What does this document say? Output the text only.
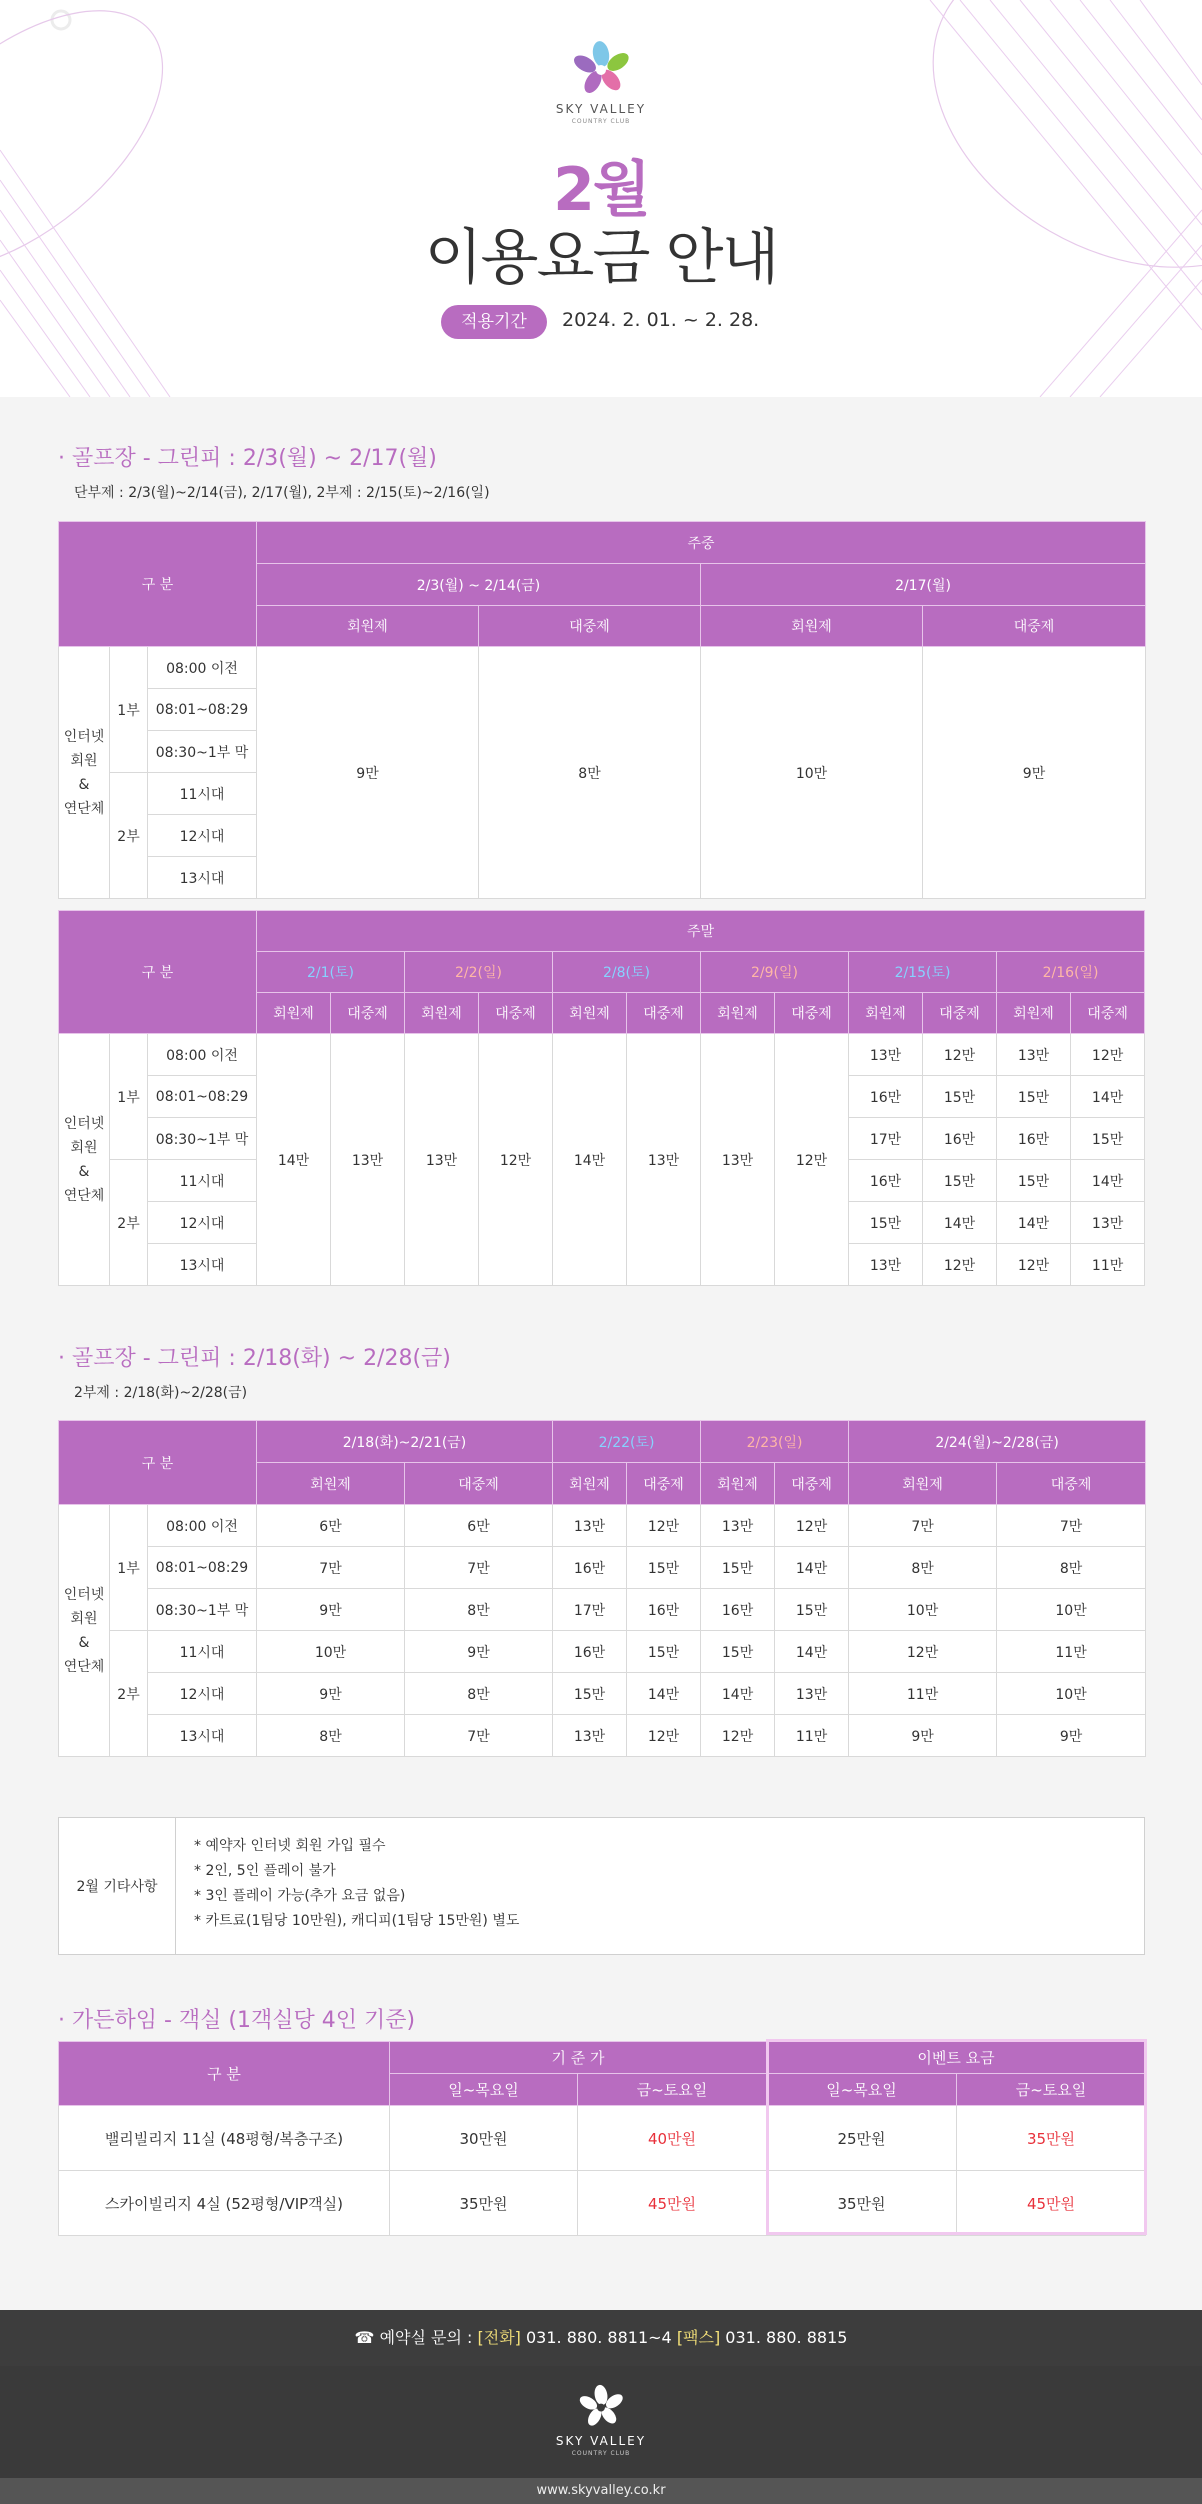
SKY VALLEY
COUNTRY CLUB
2월
이용요금 안내
적용기간	2024. 2. 01. ~ 2. 28.
· 골프장 - 그린피 : 2/3(월) ~ 2/17(월)
단부제 : 2/3(월)~2/14(금), 2/17(월), 2부제 : 2/15(토)~2/16(일)
구 분			주중			
			2/3(월) ~ 2/14(금)		2/17(월)	
			회원제	대중제	회원제	대중제
인터넷
회원
&
연단체	1부	08:00 이전	9만	8만	10만	9만
		08:01~08:29				
		08:30~1부 막				
	2부	11시대				
		12시대				
		13시대				
구 분			주말											
			2/1(토)		2/2(일)		2/8(토)		2/9(일)		2/15(토)		2/16(일)	
			회원제	대중제	회원제	대중제	회원제	대중제	회원제	대중제	회원제	대중제	회원제	대중제
인터넷
회원
&
연단체	1부	08:00 이전	14만	13만	13만	12만	14만	13만	13만	12만	13만	12만	13만	12만
		08:01~08:29									16만	15만	15만	14만
		08:30~1부 막									17만	16만	16만	15만
	2부	11시대									16만	15만	15만	14만
		12시대									15만	14만	14만	13만
		13시대									13만	12만	12만	11만
· 골프장 - 그린피 : 2/18(화) ~ 2/28(금)
2부제 : 2/18(화)~2/28(금)
구 분			2/18(화)~2/21(금)		2/22(토)		2/23(일)		2/24(월)~2/28(금)	
			회원제	대중제	회원제	대중제	회원제	대중제	회원제	대중제
인터넷
회원
&
연단체	1부	08:00 이전	6만	6만	13만	12만	13만	12만	7만	7만
		08:01~08:29	7만	7만	16만	15만	15만	14만	8만	8만
		08:30~1부 막	9만	8만	17만	16만	16만	15만	10만	10만
	2부	11시대	10만	9만	16만	15만	15만	14만	12만	11만
		12시대	9만	8만	15만	14만	14만	13만	11만	10만
		13시대	8만	7만	13만	12만	12만	11만	9만	9만
2월 기타사항
* 예약자 인터넷 회원 가입 필수
* 2인, 5인 플레이 불가
* 3인 플레이 가능(추가 요금 없음)
* 카트료(1팀당 10만원), 캐디피(1팀당 15만원) 별도
· 가든하임 - 객실 (1객실당 4인 기준)
구 분	기 준 가		이벤트 요금	
	일~목요일	금~토요일	일~목요일	금~토요일
밸리빌리지 11실 (48평형/복층구조)	30만원	40만원	25만원	35만원
스카이빌리지 4실 (52평형/VIP객실)	35만원	45만원	35만원	45만원
☎ 예약실 문의 : [전화] 031. 880. 8811~4 [팩스] 031. 880. 8815
SKY VALLEY
COUNTRY CLUB
www.skyvalley.co.kr
